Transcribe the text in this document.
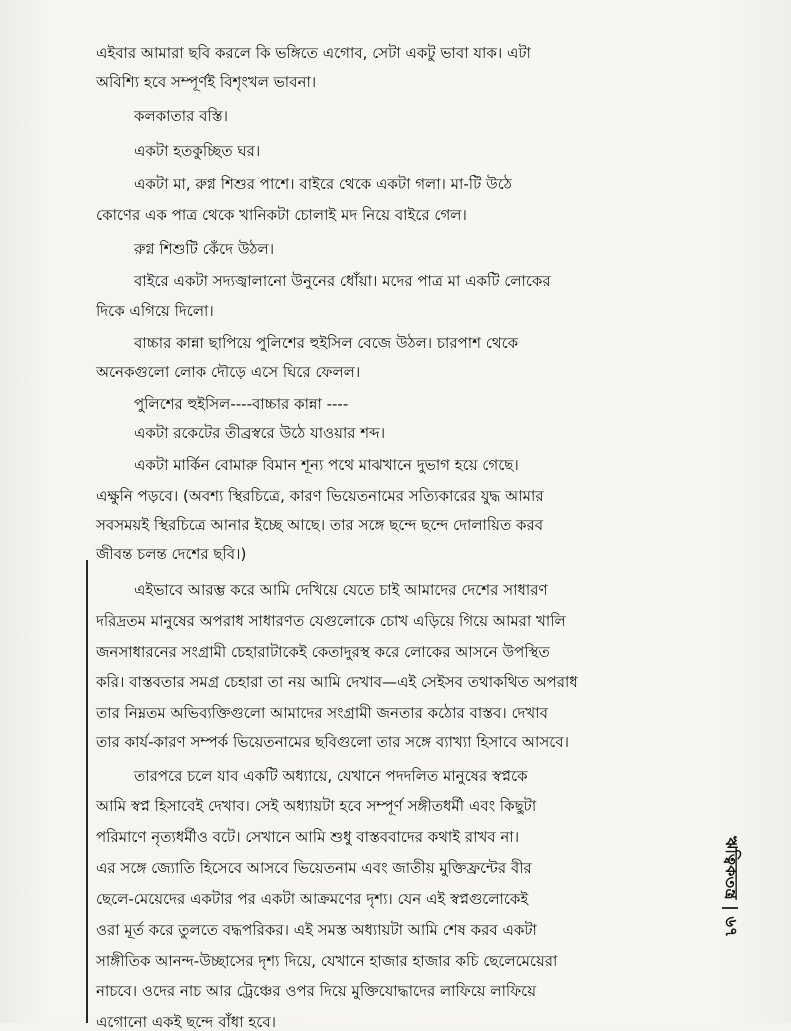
এইবার আমারা ছবি করলে কি ভঙ্গিতে এগোব, সেটা একটু ভাবা যাক। এটা
অবিশ্যি হবে সম্পূর্ণই বিশৃংখল ভাবনা।
কলকাতার বস্তি।
একটা হতকুচ্ছিত ঘর।
একটা মা, রুগ্ন শিশুর পাশে। বাইরে থেকে একটা গলা। মা-টি উঠে
কোণের এক পাত্র থেকে খানিকটা চোলাই মদ নিয়ে বাইরে গেল।
রুগ্ন শিশুটি কেঁদে উঠল।
বাইরে একটা সদ্যজ্বালানো উনুনের ধোঁয়া। মদের পাত্র মা একটি লোকের
দিকে এগিয়ে দিলো।
বাচ্চার কান্না ছাপিয়ে পুলিশের হুইসিল বেজে উঠল। চারপাশ থেকে
অনেকগুলো লোক দৌড়ে এসে ঘিরে ফেলল।
পুলিশের হুইসিল----বাচ্চার কান্না ----
একটা রকেটের তীব্রস্বরে উঠে যাওয়ার শব্দ।
একটা মার্কিন বোমারু বিমান শূন্য পথে মাঝখানে দুভাগ হয়ে গেছে।
এক্ষুনি পড়বে। (অবশ্য স্থিরচিত্রে, কারণ ভিয়েতনামের সত্যিকারের যুদ্ধ আমার
সবসময়ই স্থিরচিত্রে আনার ইচ্ছে আছে। তার সঙ্গে ছন্দে ছন্দে দোলায়িত করব
জীবন্ত চলন্ত দেশের ছবি।)
এইভাবে আরম্ভ করে আমি দেখিয়ে যেতে চাই আমাদের দেশের সাধারণ
দরিদ্রতম মানুষের অপরাধ সাধারণত যেগুলোকে চোখ এড়িয়ে গিয়ে আমরা খালি
জনসাধারনের সংগ্রামী চেহারাটাকেই কেতাদুরস্থ করে লোকের আসনে উপস্থিত
করি। বাস্তবতার সমগ্র চেহারা তা নয় আমি দেখাব—এই সেইসব তথাকথিত অপরাধ
তার নিম্নতম অভিব্যক্তিগুলো আমাদের সংগ্রামী জনতার কঠোর বাস্তব। দেখাব
তার কার্য-কারণ সম্পর্ক ভিয়েতনামের ছবিগুলো তার সঙ্গে ব্যাখ্যা হিসাবে আসবে।
তারপরে চলে যাব একটি অধ্যায়ে, যেখানে পদদলিত মানুষের স্বপ্নকে
আমি স্বপ্ন হিসাবেই দেখাব। সেই অধ্যায়টা হবে সম্পূর্ণ সঙ্গীতধর্মী এবং কিছুটা
পরিমাণে নৃত্যধর্মীও বটে। সেখানে আমি শুধু বাস্তববাদের কথাই রাখব না।
এর সঙ্গে জ্যোতি হিসেবে আসবে ভিয়েতনাম এবং জাতীয় মুক্তিফ্রন্টের বীর
ছেলে-মেয়েদের একটার পর একটা আক্রমণের দৃশ্য। যেন এই স্বপ্নগুলোকেই
ওরা মূর্ত করে তুলতে বদ্ধপরিকর। এই সমস্ত অধ্যায়টা আমি শেষ করব একটা
সাঙ্গীতিক আনন্দ-উচ্ছাসের দৃশ্য দিয়ে, যেখানে হাজার হাজার কচি ছেলেমেয়েরা
নাচবে। ওদের নাচ আর ট্রেঞ্চের ওপর দিয়ে মুক্তিযোদ্ধাদের লাফিয়ে লাফিয়ে
এগোনো একই ছন্দে বাঁধা হবে।
ঋত্বিকতন্ত্র | ৬৭
